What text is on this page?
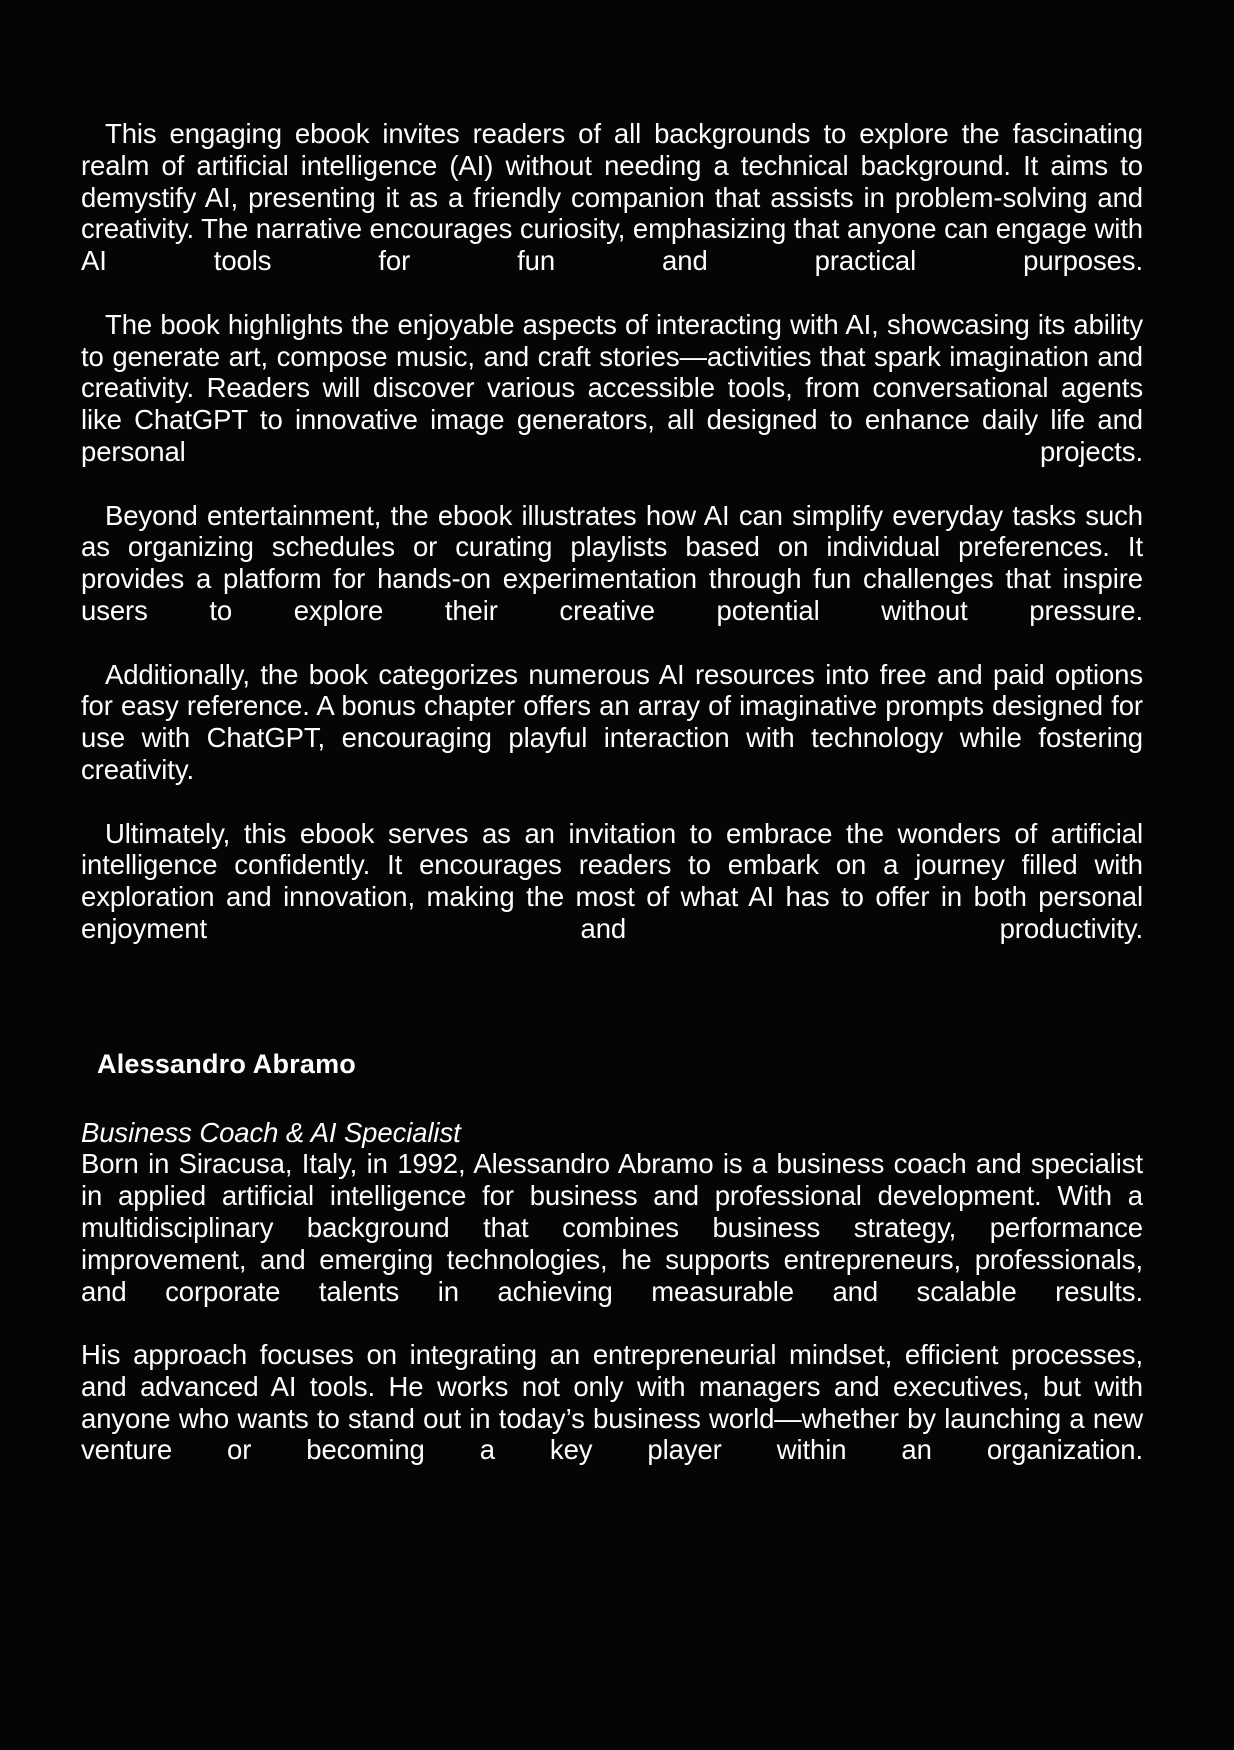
This engaging ebook invites readers of all backgrounds to explore the fascinating realm of artificial intelligence (AI) without needing a technical background. It aims to demystify AI, presenting it as a friendly companion that assists in problem-solving and creativity. The narrative encourages curiosity, emphasizing that anyone can engage with AI tools for fun and practical purposes.

The book highlights the enjoyable aspects of interacting with AI, showcasing its ability to generate art, compose music, and craft stories—activities that spark imagination and creativity. Readers will discover various accessible tools, from conversational agents like ChatGPT to innovative image generators, all designed to enhance daily life and personal projects.

Beyond entertainment, the ebook illustrates how AI can simplify everyday tasks such as organizing schedules or curating playlists based on individual preferences. It provides a platform for hands-on experimentation through fun challenges that inspire users to explore their creative potential without pressure.

Additionally, the book categorizes numerous AI resources into free and paid options for easy reference. A bonus chapter offers an array of imaginative prompts designed for use with ChatGPT, encouraging playful interaction with technology while fostering creativity.

Ultimately, this ebook serves as an invitation to embrace the wonders of artificial intelligence confidently. It encourages readers to embark on a journey filled with exploration and innovation, making the most of what AI has to offer in both personal enjoyment and productivity.

Alessandro Abramo

Business Coach & AI Specialist

Born in Siracusa, Italy, in 1992, Alessandro Abramo is a business coach and specialist in applied artificial intelligence for business and professional development. With a multidisciplinary background that combines business strategy, performance improvement, and emerging technologies, he supports entrepreneurs, professionals, and corporate talents in achieving measurable and scalable results.

His approach focuses on integrating an entrepreneurial mindset, efficient processes, and advanced AI tools. He works not only with managers and executives, but with anyone who wants to stand out in today’s business world—whether by launching a new venture or becoming a key player within an organization.
